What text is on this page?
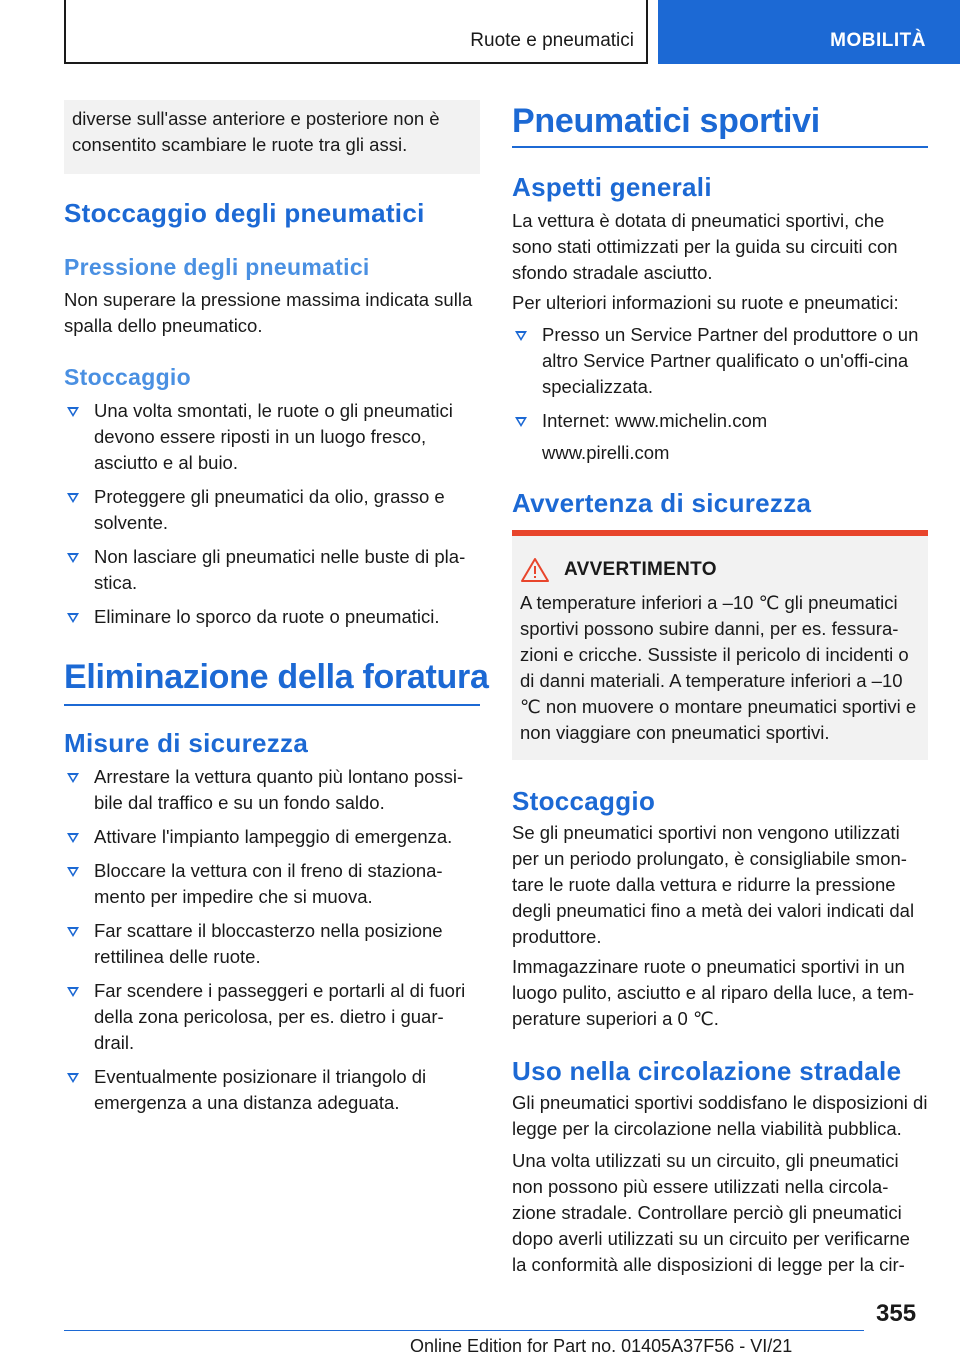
Ruote e pneumatici	MOBILITÀ
diverse sull'asse anteriore e posteriore non è consentito scambiare le ruote tra gli assi.
Stoccaggio degli pneumatici
Pressione degli pneumatici

Non superare la pressione massima indicata sulla spalla dello pneumatico.

Stoccaggio
Una volta smontati, le ruote o gli pneumatici devono essere riposti in un luogo fresco, asciutto e al buio.
Proteggere gli pneumatici da olio, grasso e solvente.
Non lasciare gli pneumatici nelle buste di pla-stica.
Eliminare lo sporco da ruote o pneumatici.
Eliminazione della foratura
Misure di sicurezza
Arrestare la vettura quanto più lontano possi-bile dal traffico e su un fondo saldo.
Attivare l'impianto lampeggio di emergenza.
Bloccare la vettura con il freno di staziona-mento per impedire che si muova.
Far scattare il bloccasterzo nella posizione rettilinea delle ruote.
Far scendere i passeggeri e portarli al di fuori della zona pericolosa, per es. dietro i guar-drail.
Eventualmente posizionare il triangolo di emergenza a una distanza adeguata.
Pneumatici sportivi
Aspetti generali

La vettura è dotata di pneumatici sportivi, che sono stati ottimizzati per la guida su circuiti con sfondo stradale asciutto.

Per ulteriori informazioni su ruote e pneumatici:

Presso un Service Partner del produttore o un altro Service Partner qualificato o un'offi-cina specializzata.
Internet: www.michelin.com
www.pirelli.com
Avvertenza di sicurezza
AVVERTIMENTO
A temperature inferiori a –10 ℃ gli pneumatici sportivi possono subire danni, per es. fessura-zioni e cricche. Sussiste il pericolo di incidenti o di danni materiali. A temperature inferiori a –10 ℃ non muovere o montare pneumatici sportivi e non viaggiare con pneumatici sportivi.
Stoccaggio

Se gli pneumatici sportivi non vengono utilizzati per un periodo prolungato, è consigliabile smon-tare le ruote dalla vettura e ridurre la pressione degli pneumatici fino a metà dei valori indicati dal produttore.

Immagazzinare ruote o pneumatici sportivi in un luogo pulito, asciutto e al riparo della luce, a tem-perature superiori a 0 ℃.

Uso nella circolazione stradale

Gli pneumatici sportivi soddisfano le disposizioni di legge per la circolazione nella viabilità pubblica.

Una volta utilizzati su un circuito, gli pneumatici non possono più essere utilizzati nella circola-zione stradale. Controllare perciò gli pneumatici dopo averli utilizzati su un circuito per verificarne la conformità alle disposizioni di legge per la cir-

355
Online Edition for Part no. 01405A37F56 - VI/21
